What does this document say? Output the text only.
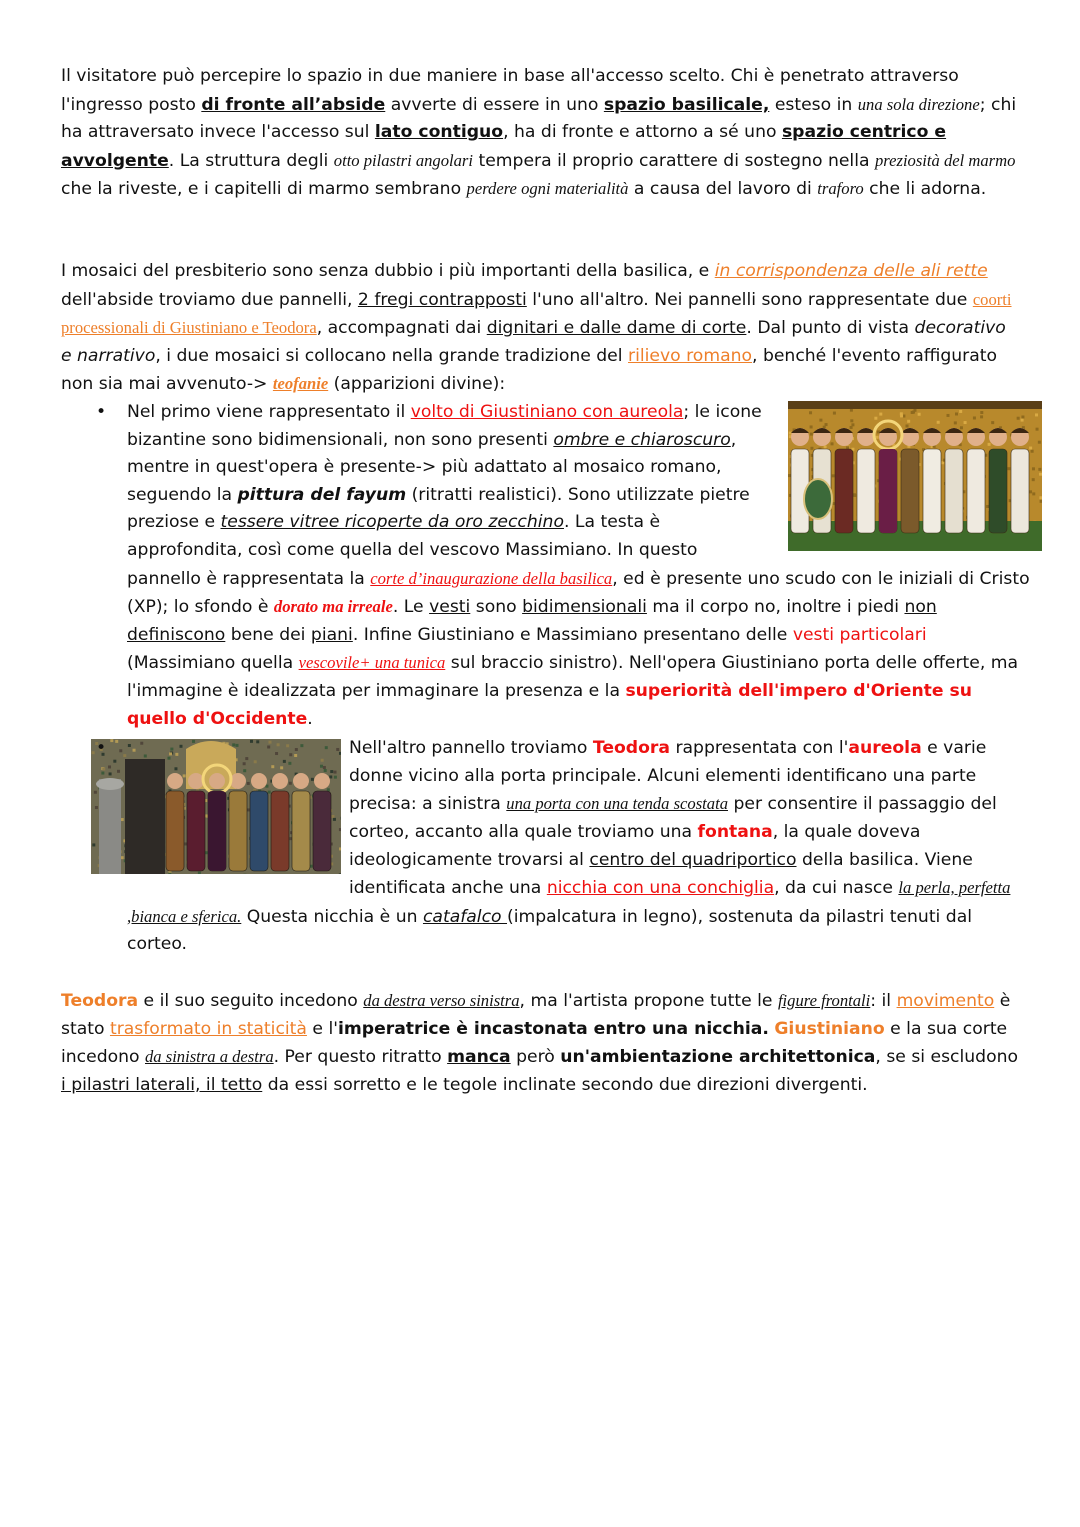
Il visitatore può percepire lo spazio in due maniere in base all'accesso scelto. Chi è penetrato attraverso l'ingresso posto di fronte all’abside avverte di essere in uno spazio basilicale, esteso in una sola direzione; chi ha attraversato invece l'accesso sul lato contiguo, ha di fronte e attorno a sé uno spazio centrico e avvolgente. La struttura degli otto pilastri angolari tempera il proprio carattere di sostegno nella preziosità del marmo che la riveste, e i capitelli di marmo sembrano perdere ogni materialità a causa del lavoro di traforo che li adorna.

I mosaici del presbiterio sono senza dubbio i più importanti della basilica, e in corrispondenza delle ali rette dell'abside troviamo due pannelli, 2 fregi contrapposti l'uno all'altro. Nei pannelli sono rappresentate due coorti processionali di Giustiniano e Teodora, accompagnati dai dignitari e dalle dame di corte. Dal punto di vista decorativo e narrativo, i due mosaici si collocano nella grande tradizione del rilievo romano, benché l'evento raffigurato non sia mai avvenuto-> teofanie (apparizioni divine):

• Nel primo viene rappresentato il volto di Giustiniano con aureola; le icone bizantine sono bidimensionali, non sono presenti ombre e chiaroscuro, mentre in quest'opera è presente-> più adattato al mosaico romano, seguendo la pittura del fayum (ritratti realistici). Sono utilizzate pietre preziose e tessere vitree ricoperte da oro zecchino. La testa è approfondita, così come quella del vescovo Massimiano. In questo pannello è rappresentata la corte d’inaugurazione della basilica, ed è presente uno scudo con le iniziali di Cristo (XP); lo sfondo è dorato ma irreale. Le vesti sono bidimensionali ma il corpo no, inoltre i piedi non definiscono bene dei piani. Infine Giustiniano e Massimiano presentano delle vesti particolari (Massimiano quella vescovile+ una tunica sul braccio sinistro). Nell'opera Giustiniano porta delle offerte, ma l'immagine è idealizzata per immaginare la presenza e la superiorità dell'impero d'Oriente su quello d'Occidente.
•	Nell'altro pannello troviamo Teodora rappresentata con l'aureola e varie donne vicino alla porta principale. Alcuni elementi identificano una parte precisa: a sinistra una porta con una tenda scostata per consentire il passaggio del corteo, accanto alla quale troviamo una fontana, la quale doveva ideologicamente trovarsi al centro del quadriportico della basilica. Viene identificata anche una nicchia con una conchiglia, da cui nasce la perla, perfetta ,bianca e sferica. Questa nicchia è un catafalco (impalcatura in legno), sostenuta da pilastri tenuti dal corteo.

Teodora e il suo seguito incedono da destra verso sinistra, ma l'artista propone tutte le figure frontali: il movimento è stato trasformato in staticità e l'imperatrice è incastonata entro una nicchia. Giustiniano e la sua corte incedono da sinistra a destra. Per questo ritratto manca però un'ambientazione architettonica, se si escludono i pilastri laterali, il tetto da essi sorretto e le tegole inclinate secondo due direzioni divergenti.
